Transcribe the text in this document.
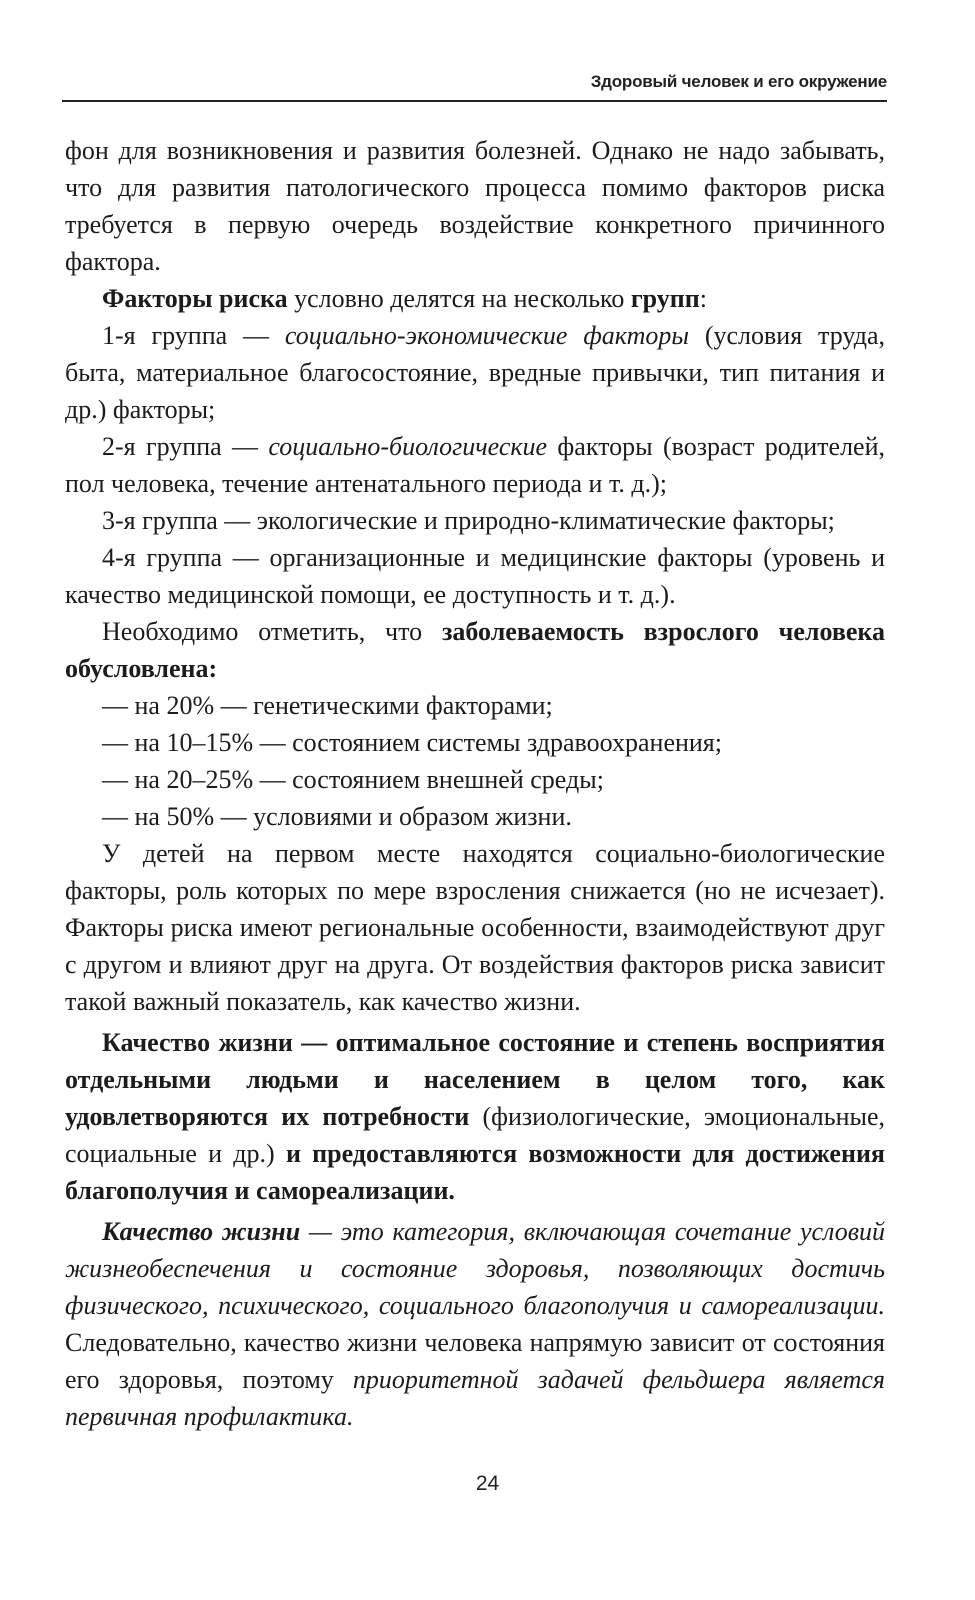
Здоровый человек и его окружение

фон для возникновения и развития болезней. Однако не надо забывать, что для развития патологического процесса помимо факторов риска требуется в первую очередь воздействие конкретного причинного фактора.

Факторы риска условно делятся на несколько групп:

1-я группа — социально-экономические факторы (условия труда, быта, материальное благосостояние, вредные привычки, тип питания и др.) факторы;

2-я группа — социально-биологические факторы (возраст родителей, пол человека, течение антенатального периода и т. д.);

3-я группа — экологические и природно-климатические факторы;

4-я группа — организационные и медицинские факторы (уровень и качество медицинской помощи, ее доступность и т. д.).

Необходимо отметить, что заболеваемость взрослого человека обусловлена:

— на 20% — генетическими факторами;

— на 10–15% — состоянием системы здравоохранения;

— на 20–25% — состоянием внешней среды;

— на 50% — условиями и образом жизни.

У детей на первом месте находятся социально-биологические факторы, роль которых по мере взросления снижается (но не исчезает). Факторы риска имеют региональные особенности, взаимодействуют друг с другом и влияют друг на друга. От воздействия факторов риска зависит такой важный показатель, как качество жизни.

Качество жизни — оптимальное состояние и степень восприятия отдельными людьми и населением в целом того, как удовлетворяются их потребности (физиологические, эмоциональные, социальные и др.) и предоставляются возможности для достижения благополучия и самореализации.

Качество жизни — это категория, включающая сочетание условий жизнеобеспечения и состояние здоровья, позволяющих достичь физического, психического, социального благополучия и самореализации. Следовательно, качество жизни человека напрямую зависит от состояния его здоровья, поэтому приоритетной задачей фельдшера является первичная профилактика.

24
